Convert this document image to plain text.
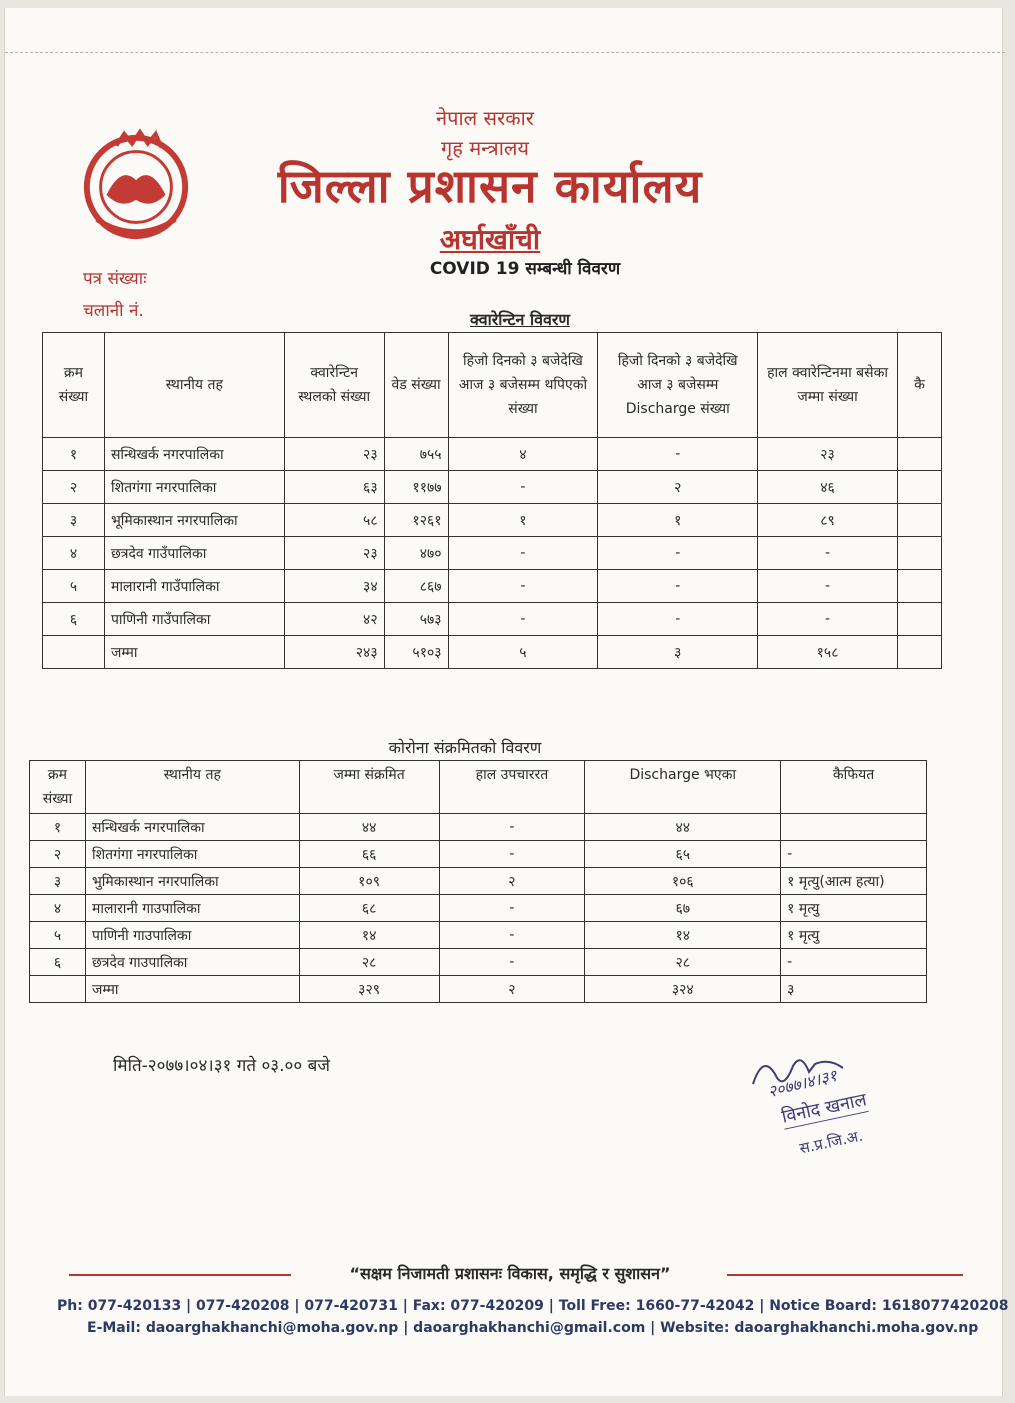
नेपाल सरकार
गृह मन्त्रालय
जिल्ला प्रशासन कार्यालय
अर्घाखाँची
COVID 19 सम्बन्धी विवरण
पत्र संख्याः
चलानी नं.	क्वारेन्टिन विवरण
क्रम संख्या	स्थानीय तह	क्वारेन्टिन स्थलको संख्या	वेड संख्या	हिजो दिनको ३ बजेदेखि आज ३ बजेसम्म थपिएको संख्या	हिजो दिनको ३ बजेदेखि आज ३ बजेसम्म Discharge संख्या	हाल क्वारेन्टिनमा बसेका जम्मा संख्या	कै
१	सन्धिखर्क नगरपालिका	२३	७५५	४	-	२३	
२	शितगंगा नगरपालिका	६३	११७७	-	२	४६	
३	भूमिकास्थान नगरपालिका	५८	१२६१	१	१	८९	
४	छत्रदेव गाउँपालिका	२३	४७०	-	-	-	
५	मालारानी गाउँपालिका	३४	८६७	-	-	-	
६	पाणिनी गाउँपालिका	४२	५७३	-	-	-	
	जम्मा	२४३	५१०३	५	३	१५८	
कोरोना संक्रमितको विवरण
क्रम संख्या	स्थानीय तह	जम्मा संक्रमित	हाल उपचाररत	Discharge भएका	कैफियत
१	सन्धिखर्क नगरपालिका	४४	-	४४	
२	शितगंगा नगरपालिका	६६	-	६५	-
३	भुमिकास्थान नगरपालिका	१०९	२	१०६	१ मृत्यु(आत्म हत्या)
४	मालारानी गाउपालिका	६८	-	६७	१ मृत्यु
५	पाणिनी गाउपालिका	१४	-	१४	१ मृत्यु
६	छत्रदेव गाउपालिका	२८	-	२८	-
	जम्मा	३२९	२	३२४	३
मिति-२०७७।०४।३१ गते ०३.०० बजे	२०७७।४।३१
विनोद खनाल
स.प्र.जि.अ.
“सक्षम निजामती प्रशासनः विकास, समृद्धि र सुशासन”
Ph: 077-420133 | 077-420208 | 077-420731 | Fax: 077-420209 | Toll Free: 1660-77-42042 | Notice Board: 1618077420208
E-Mail: daoarghakhanchi@moha.gov.np | daoarghakhanchi@gmail.com | Website: daoarghakhanchi.moha.gov.np
